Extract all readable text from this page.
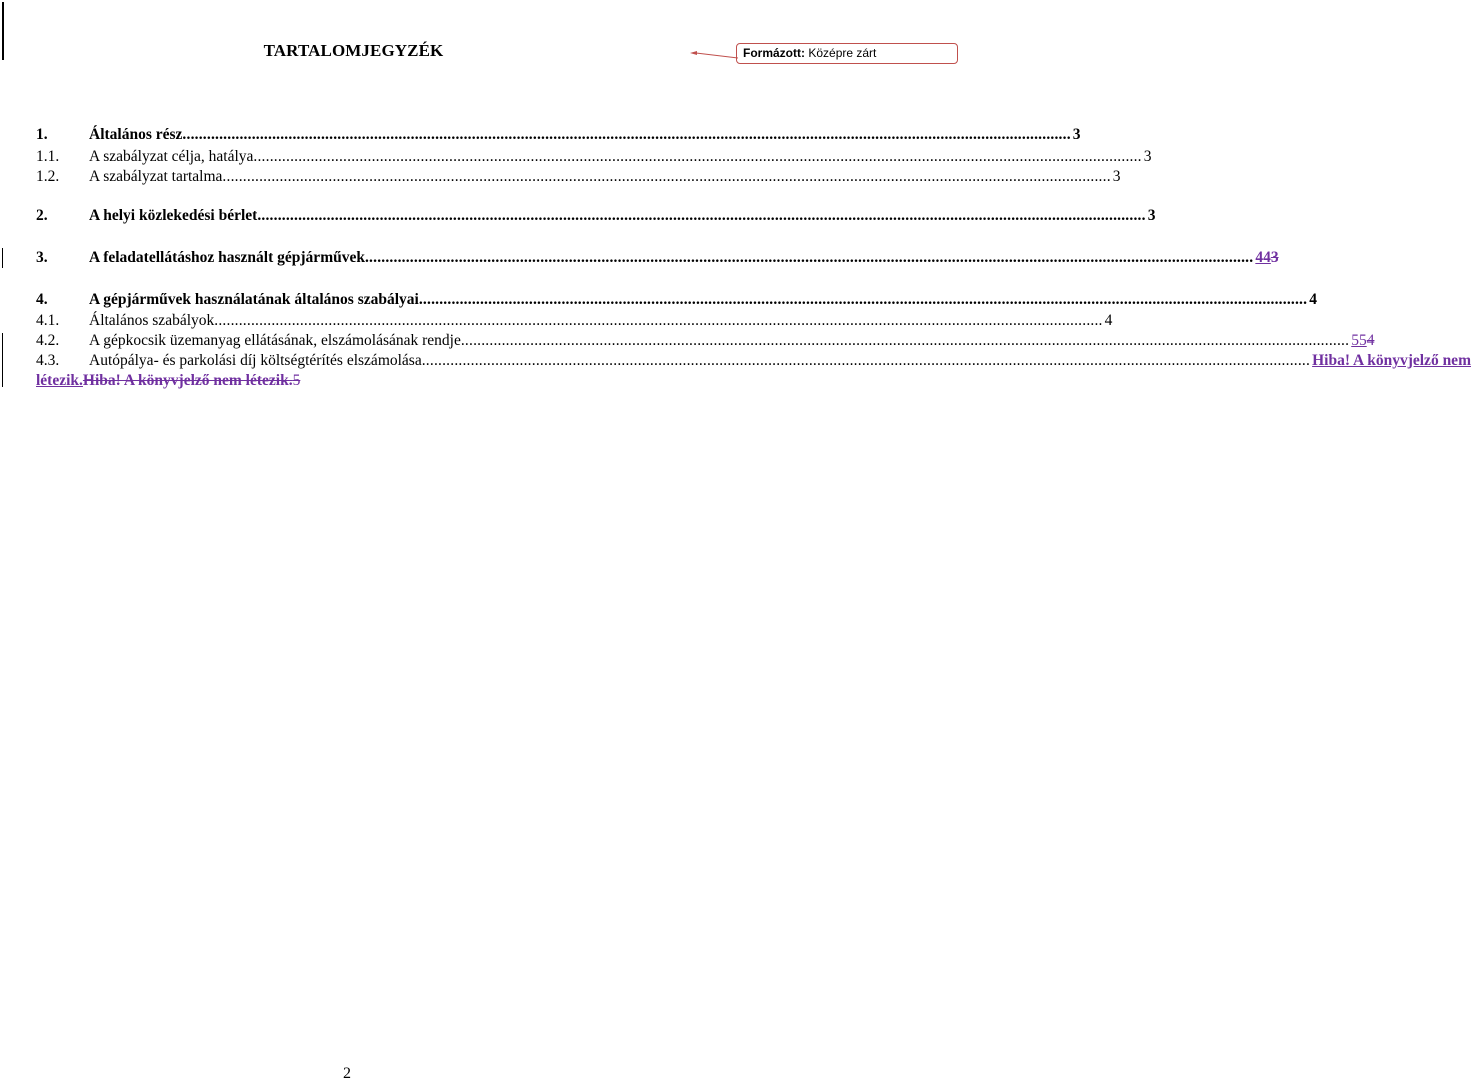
TARTALOMJEGYZÉK	Formázott: Középre zárt
1.	Általános rész .......................................................................................................................................................................................................................... 3
1.1. A szabályzat célja, hatálya .......................................................................................................................................................................................................................... 3
1.2. A szabályzat tartalma .......................................................................................................................................................................................................................... 3
2.	A helyi közlekedési bérlet .......................................................................................................................................................................................................................... 3
3.	A feladatellátáshoz használt gépjárművek .......................................................................................................................................................................................................................... 443
4.	A gépjárművek használatának általános szabályai .......................................................................................................................................................................................................................... 4
4.1. Általános szabályok .......................................................................................................................................................................................................................... 4
4.2. A gépkocsik üzemanyag ellátásának, elszámolásának rendje .......................................................................................................................................................................................................................... 554
4.3. Autópálya- és parkolási díj költségtérítés elszámolása .......................................................................................................................................................................................................................... Hiba! A könyvjelző nem
létezik.Hiba! A könyvjelző nem létezik.5
2
